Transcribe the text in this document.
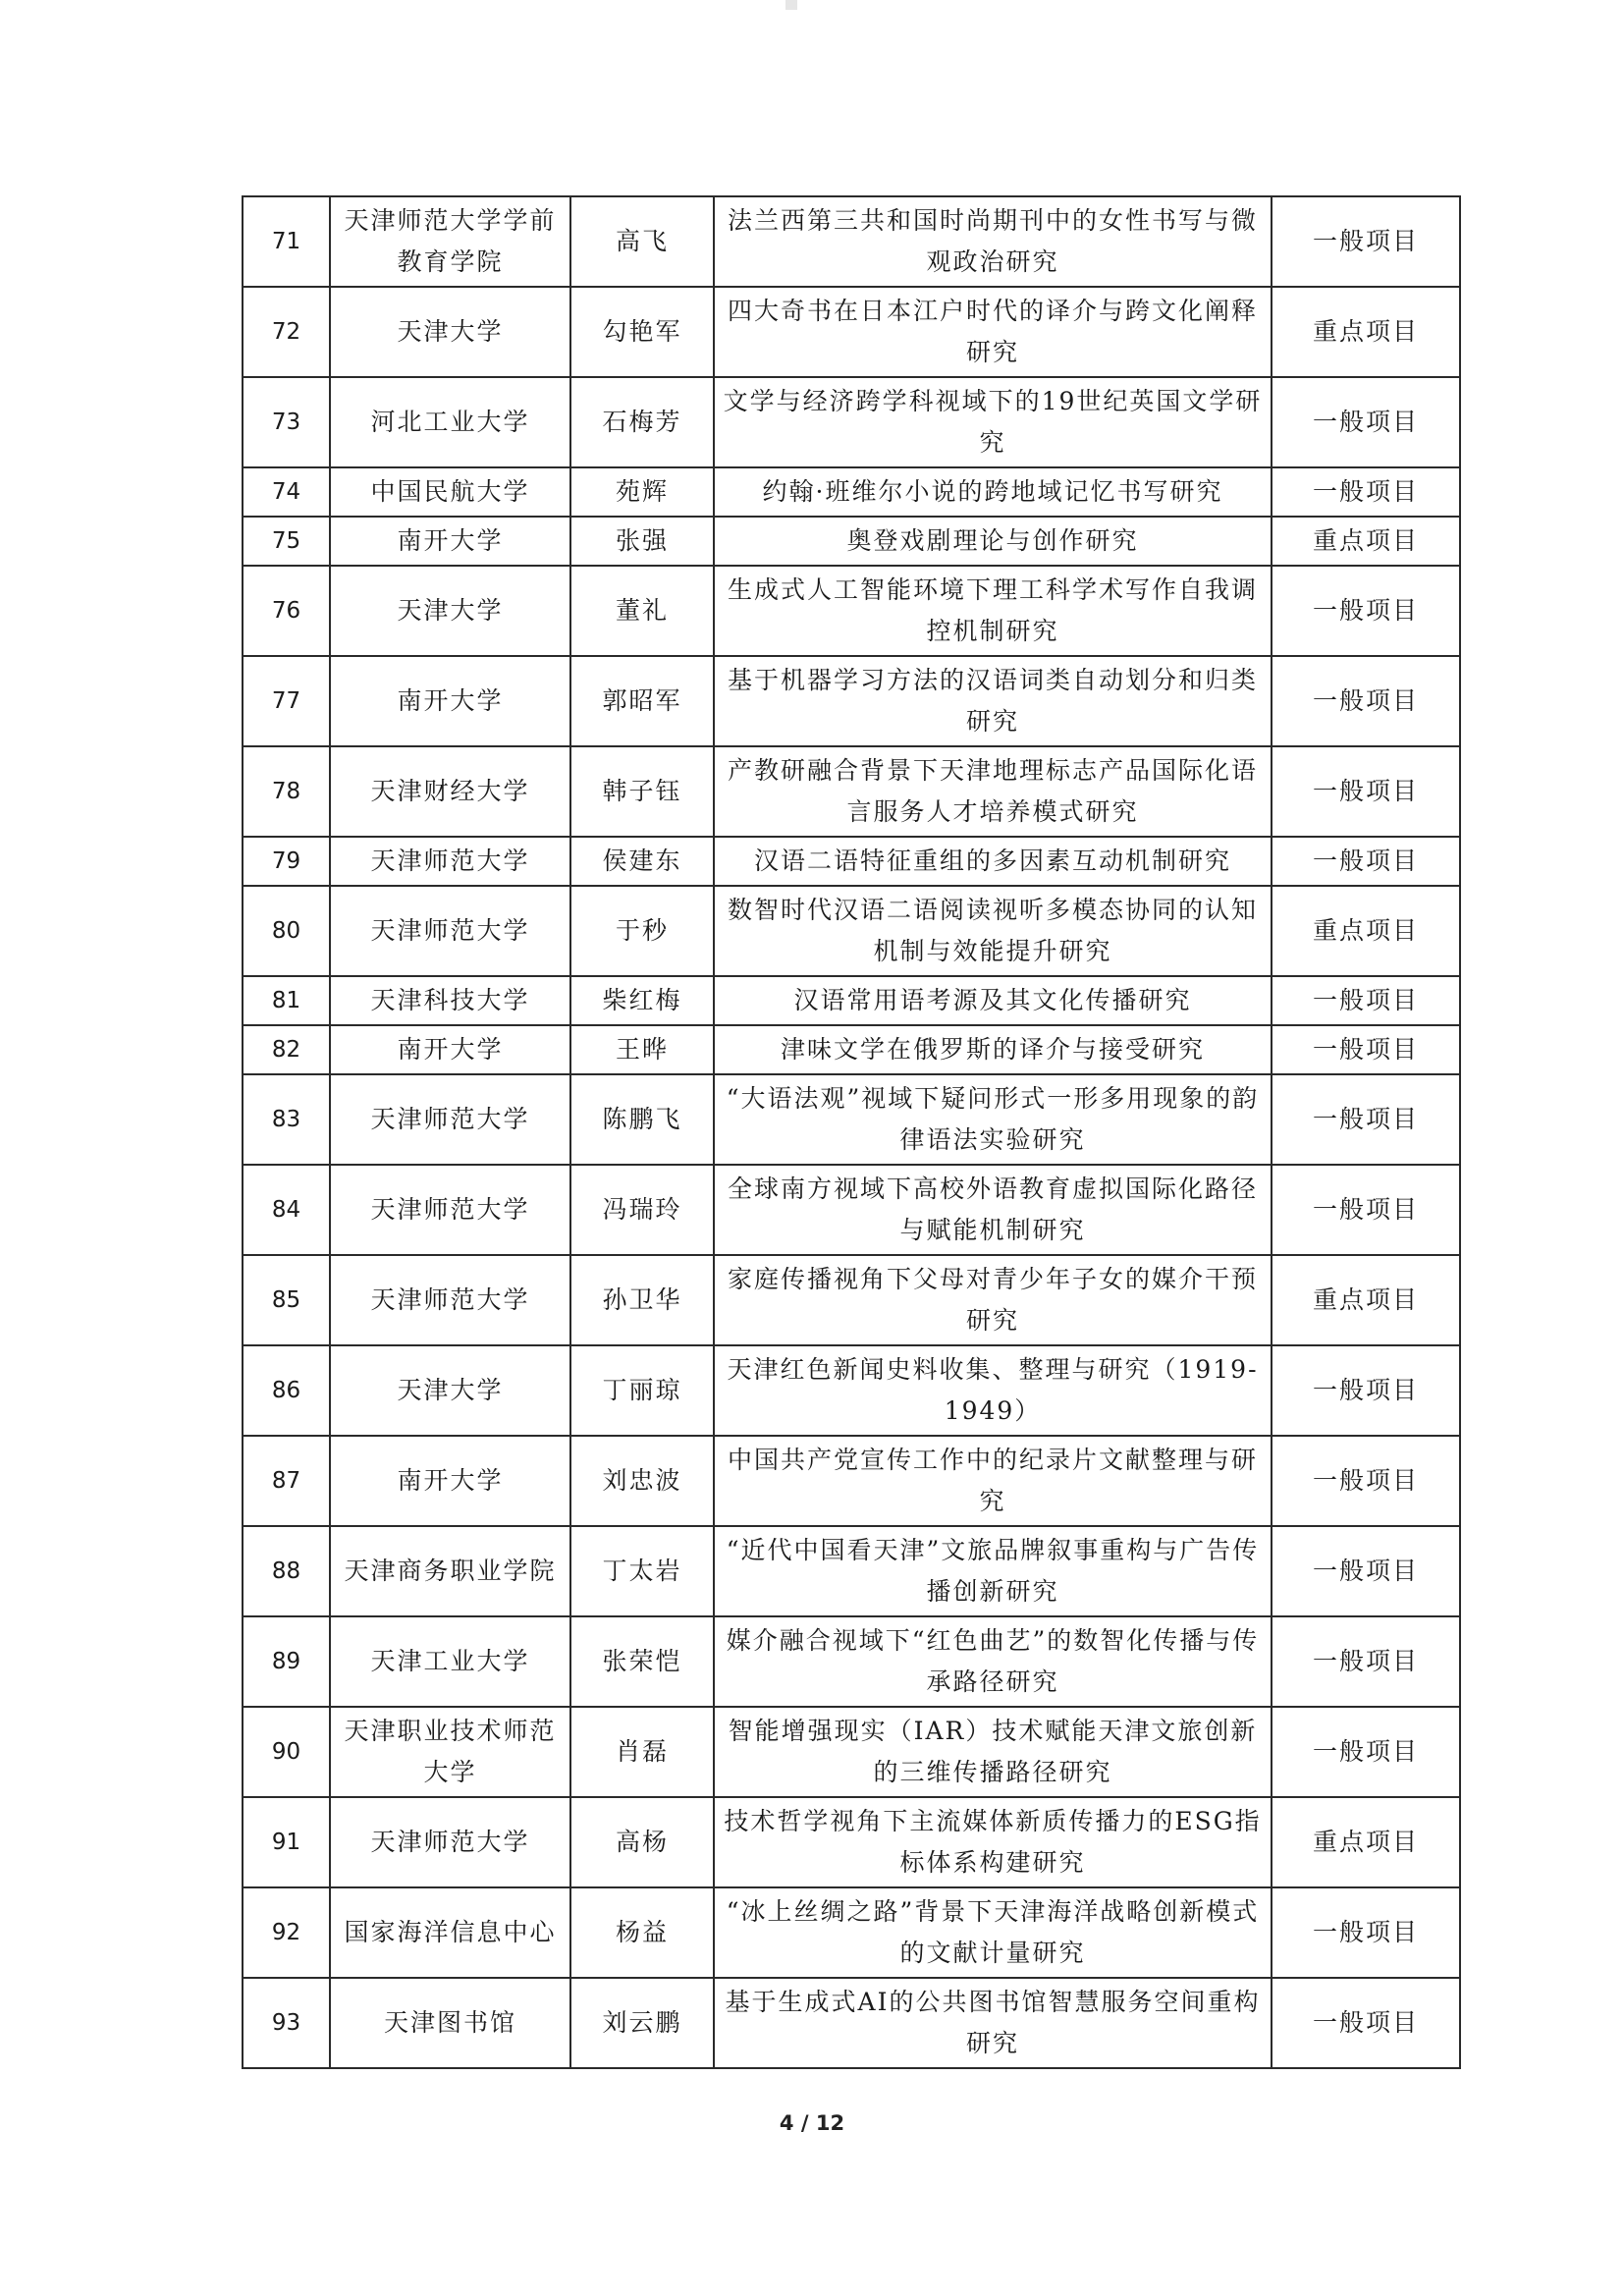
71	天津师范大学学前教育学院	高飞	法兰西第三共和国时尚期刊中的女性书写与微观政治研究	一般项目
72	天津大学	勾艳军	四大奇书在日本江户时代的译介与跨文化阐释研究	重点项目
73	河北工业大学	石梅芳	文学与经济跨学科视域下的19世纪英国文学研究	一般项目
74	中国民航大学	苑辉	约翰·班维尔小说的跨地域记忆书写研究	一般项目
75	南开大学	张强	奥登戏剧理论与创作研究	重点项目
76	天津大学	董礼	生成式人工智能环境下理工科学术写作自我调控机制研究	一般项目
77	南开大学	郭昭军	基于机器学习方法的汉语词类自动划分和归类研究	一般项目
78	天津财经大学	韩子钰	产教研融合背景下天津地理标志产品国际化语言服务人才培养模式研究	一般项目
79	天津师范大学	侯建东	汉语二语特征重组的多因素互动机制研究	一般项目
80	天津师范大学	于秒	数智时代汉语二语阅读视听多模态协同的认知机制与效能提升研究	重点项目
81	天津科技大学	柴红梅	汉语常用语考源及其文化传播研究	一般项目
82	南开大学	王晔	津味文学在俄罗斯的译介与接受研究	一般项目
83	天津师范大学	陈鹏飞	“大语法观”视域下疑问形式一形多用现象的韵律语法实验研究	一般项目
84	天津师范大学	冯瑞玲	全球南方视域下高校外语教育虚拟国际化路径与赋能机制研究	一般项目
85	天津师范大学	孙卫华	家庭传播视角下父母对青少年子女的媒介干预研究	重点项目
86	天津大学	丁丽琼	天津红色新闻史料收集、整理与研究（1919-1949）	一般项目
87	南开大学	刘忠波	中国共产党宣传工作中的纪录片文献整理与研究	一般项目
88	天津商务职业学院	丁太岩	“近代中国看天津”文旅品牌叙事重构与广告传播创新研究	一般项目
89	天津工业大学	张荣恺	媒介融合视域下“红色曲艺”的数智化传播与传承路径研究	一般项目
90	天津职业技术师范大学	肖磊	智能增强现实（IAR）技术赋能天津文旅创新的三维传播路径研究	一般项目
91	天津师范大学	高杨	技术哲学视角下主流媒体新质传播力的ESG指标体系构建研究	重点项目
92	国家海洋信息中心	杨益	“冰上丝绸之路”背景下天津海洋战略创新模式的文献计量研究	一般项目
93	天津图书馆	刘云鹏	基于生成式AI的公共图书馆智慧服务空间重构研究	一般项目
4 / 12
